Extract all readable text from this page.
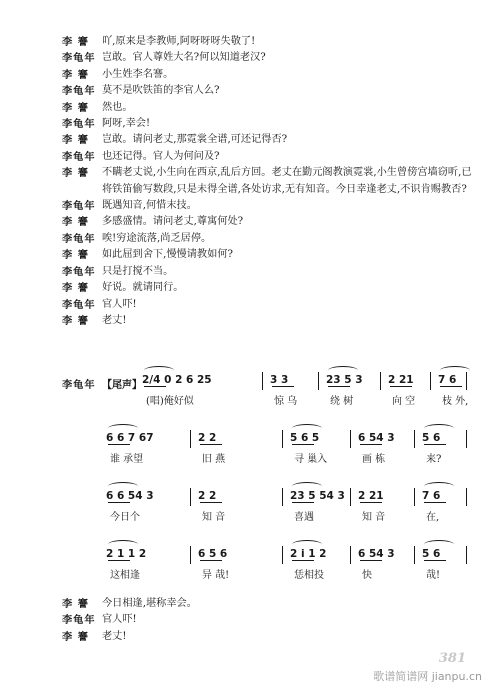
李 謇	吖,原来是李教师,阿呀呀呀失敬了!
李龟年 岂敢。官人尊姓大名?何以知道老汉?
李 謇	小生姓李名謇。
李龟年 莫不是吹铁笛的李官人么?
李 謇	然也。
李龟年 阿呀,幸会!
李 謇	岂敢。请问老丈,那霓裳全谱,可还记得否?
李龟年 也还记得。官人为何问及?
李 謇	不瞒老丈说,小生向在西京,乱后方回。老丈在勤元阁教演霓裳,小生曾傍宫墙窃听,已将铁笛偷写数段,只是未得全谱,各处访求,无有知音。今日幸逢老丈,不识肯赐教否?
李龟年 既遇知音,何惜末技。
李 謇	多感盛情。请问老丈,尊寓何处?
李龟年 唉!穷途流落,尚乏居停。
李 謇	如此屈到舍下,慢慢请教如何?
李龟年 只是打搅不当。
李 謇	好说。就请同行。
李龟年 官人吓!
李 謇	老丈!
李龟年 【尾声】 2/4 0 2 6 25
(唱)俺好似
3 3
惊 乌
23 5 3
绕 树
2 21
向 空
7 6
枝 外,
6 6 7 67
谁 承望
2 2
旧 燕
5 6 5
寻 巢入
6 54 3
画 栋
5 6
来?
6 6 54 3
今日个
2 2
知 音
23 5 54 3
喜遇
2 21
知 音
7 6
在,
2 1 1 2
这相逢
6 5 6
异 哉!
2 i 1 2
恁相投
6 54 3
快
5 6
哉!
李 謇	今日相逢,堪称幸会。
李龟年 官人吓!
李 謇	老丈!
381
歌谱简谱网 jianpu.cn
